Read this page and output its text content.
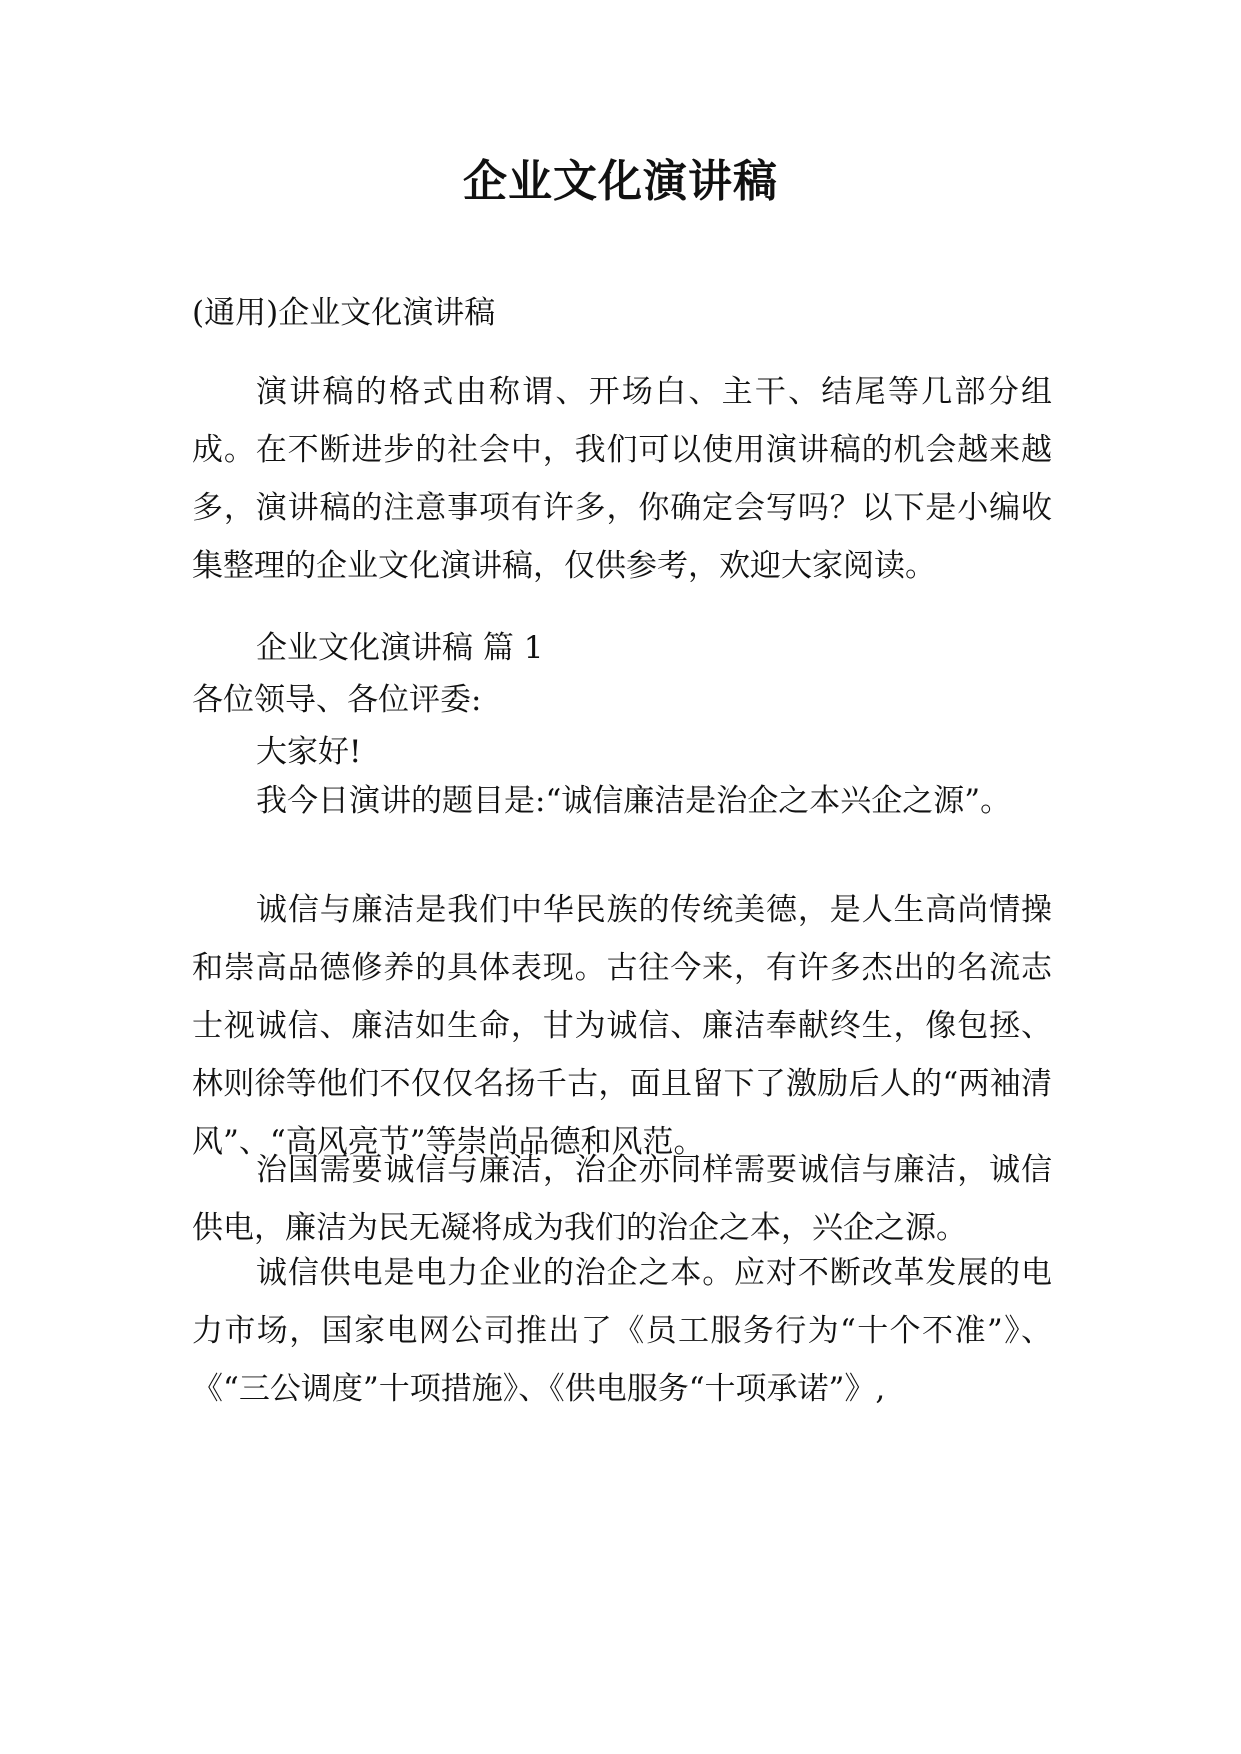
企业文化演讲稿
(通用)企业文化演讲稿

演讲稿的格式由称谓、开场白、主干、结尾等几部分组成。在不断进步的社会中，我们可以使用演讲稿的机会越来越多，演讲稿的注意事项有许多，你确定会写吗？以下是小编收集整理的企业文化演讲稿，仅供参考，欢迎大家阅读。

企业文化演讲稿 篇 1
各位领导、各位评委:
大家好!

我今日演讲的题目是:“诚信廉洁是治企之本兴企之源”。

诚信与廉洁是我们中华民族的传统美德，是人生高尚情操和崇高品德修养的具体表现。古往今来，有许多杰出的名流志士视诚信、廉洁如生命，甘为诚信、廉洁奉献终生，像包拯、林则徐等他们不仅仅名扬千古，面且留下了激励后人的“两袖清风”、“高风亮节”等崇尚品德和风范。

治国需要诚信与廉洁，治企亦同样需要诚信与廉洁，诚信供电，廉洁为民无凝将成为我们的治企之本，兴企之源。

诚信供电是电力企业的治企之本。应对不断改革发展的电力市场，国家电网公司推出了《员工服务行为“十个不准”》、《“三公调度”十项措施》、《供电服务“十项承诺”》,
